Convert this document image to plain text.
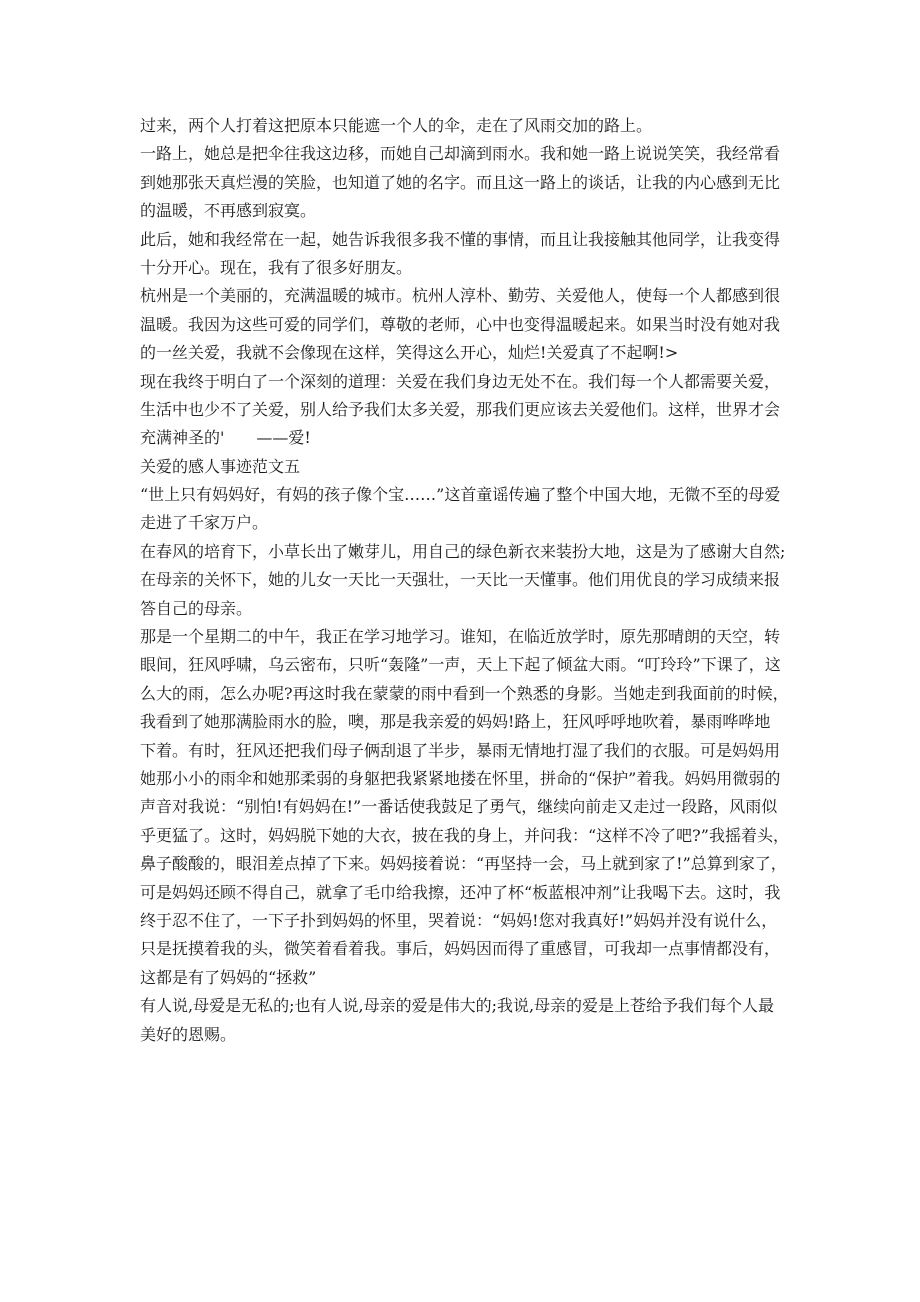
过来，两个人打着这把原本只能遮一个人的伞，走在了风雨交加的路上。
一路上，她总是把伞往我这边移，而她自己却滴到雨水。我和她一路上说说笑笑，我经常看
到她那张天真烂漫的笑脸，也知道了她的名字。而且这一路上的谈话，让我的内心感到无比
的温暖，不再感到寂寞。
此后，她和我经常在一起，她告诉我很多我不懂的事情，而且让我接触其他同学，让我变得
十分开心。现在，我有了很多好朋友。
杭州是一个美丽的，充满温暖的城市。杭州人淳朴、勤劳、关爱他人，使每一个人都感到很
温暖。我因为这些可爱的同学们，尊敬的老师，心中也变得温暖起来。如果当时没有她对我
的一丝关爱，我就不会像现在这样，笑得这么开心，灿烂!关爱真了不起啊!>
现在我终于明白了一个深刻的道理：关爱在我们身边无处不在。我们每一个人都需要关爱，
生活中也少不了关爱，别人给予我们太多关爱，那我们更应该去关爱他们。这样，世界才会
充满神圣的'　　——爱!
关爱的感人事迹范文五
“世上只有妈妈好，有妈的孩子像个宝……”这首童谣传遍了整个中国大地，无微不至的母爱
走进了千家万户。
在春风的培育下，小草长出了嫩芽儿，用自己的绿色新衣来装扮大地，这是为了感谢大自然;
在母亲的关怀下，她的儿女一天比一天强壮，一天比一天懂事。他们用优良的学习成绩来报
答自己的母亲。
那是一个星期二的中午，我正在学习地学习。谁知，在临近放学时，原先那晴朗的天空，转
眼间，狂风呼啸，乌云密布，只听“轰隆”一声，天上下起了倾盆大雨。“叮玲玲”下课了，这
么大的雨，怎么办呢?再这时我在蒙蒙的雨中看到一个熟悉的身影。当她走到我面前的时候，
我看到了她那满脸雨水的脸，噢，那是我亲爱的妈妈!路上，狂风呼呼地吹着，暴雨哗哗地
下着。有时，狂风还把我们母子俩刮退了半步，暴雨无情地打湿了我们的衣服。可是妈妈用
她那小小的雨伞和她那柔弱的身躯把我紧紧地搂在怀里，拼命的“保护”着我。妈妈用微弱的
声音对我说：“别怕!有妈妈在!”一番话使我鼓足了勇气，继续向前走又走过一段路，风雨似
乎更猛了。这时，妈妈脱下她的大衣，披在我的身上，并问我：“这样不冷了吧?”我摇着头，
鼻子酸酸的，眼泪差点掉了下来。妈妈接着说：“再坚持一会，马上就到家了!”总算到家了，
可是妈妈还顾不得自己，就拿了毛巾给我擦，还冲了杯“板蓝根冲剂”让我喝下去。这时，我
终于忍不住了，一下子扑到妈妈的怀里，哭着说：“妈妈!您对我真好!”妈妈并没有说什么，
只是抚摸着我的头，微笑着看着我。事后，妈妈因而得了重感冒，可我却一点事情都没有，
这都是有了妈妈的“拯救”
有人说,母爱是无私的;也有人说,母亲的爱是伟大的;我说,母亲的爱是上苍给予我们每个人最
美好的恩赐。
